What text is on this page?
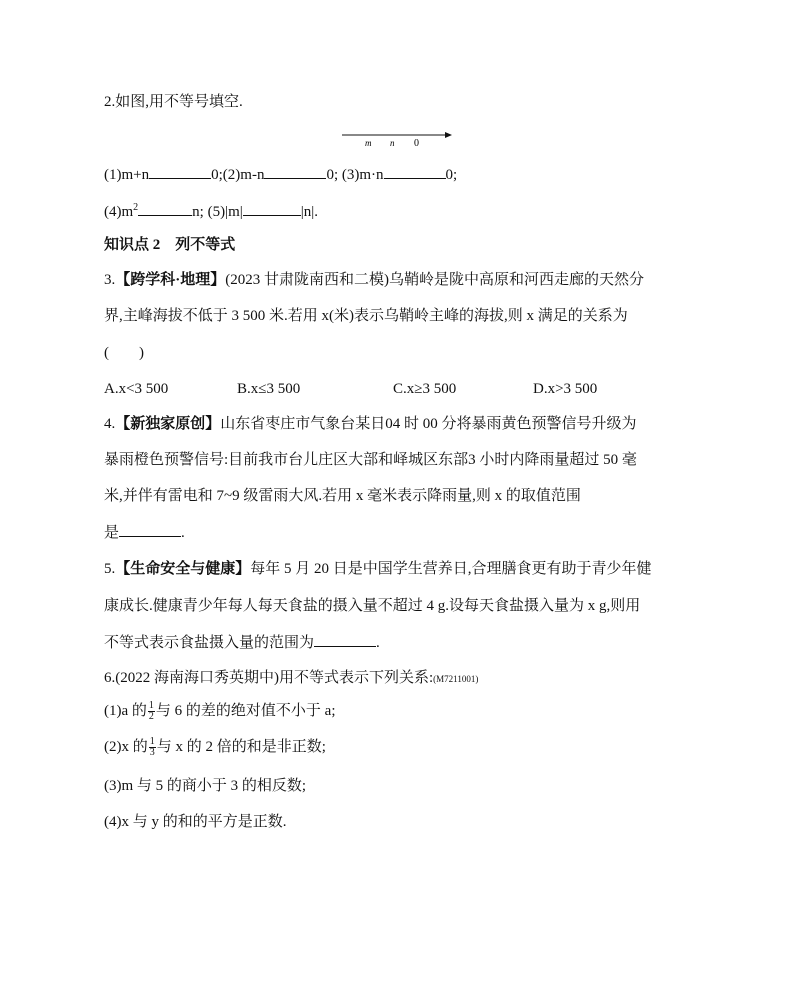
2.如图,用不等号填空.
m n 0
(1)m+n	0;(2)m-n	0; (3)m·n	0;
$(4)m^2$	n; (5)|m|	|n|.
知识点 2　列不等式
3.【跨学科·地理】(2023 甘肃陇南西和二模)乌鞘岭是陇中高原和河西走廊的天然分
界,主峰海拔不低于 3 500 米.若用 x(米)表示乌鞘岭主峰的海拔,则 x 满足的关系为
(　　)
A.x<3 500	B.x≤3 500	C.x≥3 500	D.x>3 500
4.【新独家原创】山东省枣庄市气象台某日04 时 00 分将暴雨黄色预警信号升级为
暴雨橙色预警信号:目前我市台儿庄区大部和峄城区东部3 小时内降雨量超过 50 毫
米,并伴有雷电和 7~9 级雷雨大风.若用 x 毫米表示降雨量,则 x 的取值范围
是	.
5.【生命安全与健康】每年 5 月 20 日是中国学生营养日,合理膳食更有助于青少年健
康成长.健康青少年每人每天食盐的摄入量不超过 4 g.设每天食盐摄入量为 x g,则用
不等式表示食盐摄入量的范围为	.
6.(2022 海南海口秀英期中)用不等式表示下列关系:(M7211001)
(1)a 的 $\frac{1}{2}$ 与 6 的差的绝对值不小于 a;
(2)x 的 $\frac{1}{3}$ 与 x 的 2 倍的和是非正数;
(3)m 与 5 的商小于 3 的相反数;
(4)x 与 y 的和的平方是正数.
